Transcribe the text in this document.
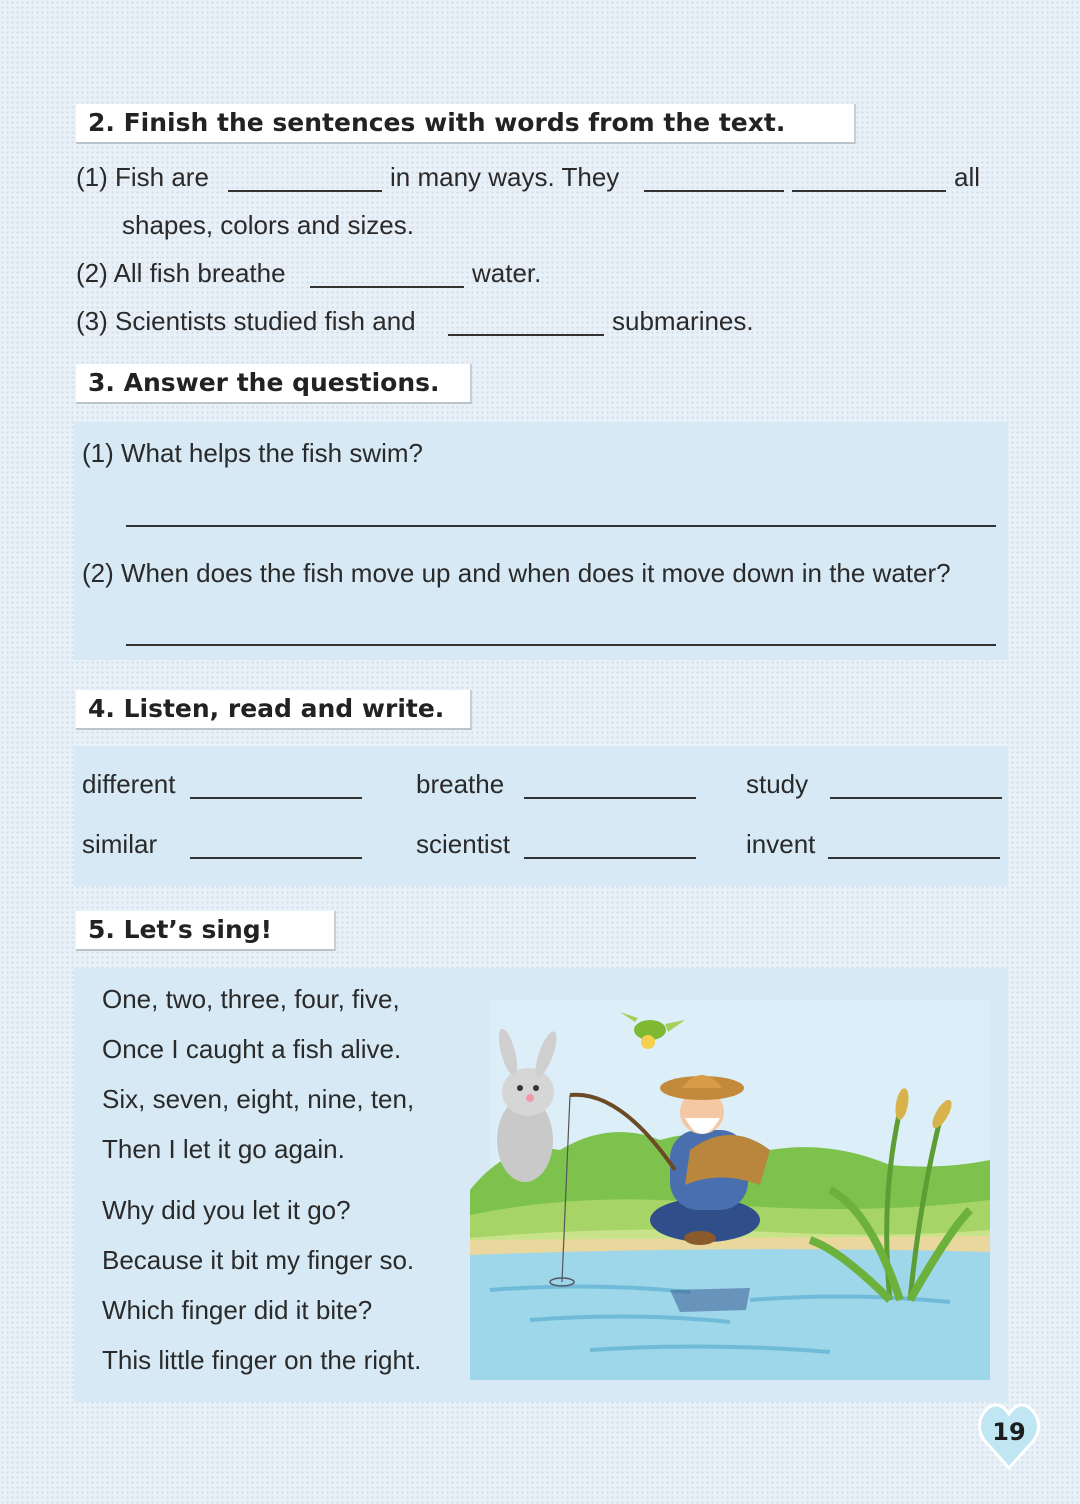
2. Finish the sentences with words from the text.
(1) Fish are	in many ways. They	all
shapes, colors and sizes.
(2) All fish breathe	water.
(3) Scientists studied fish and	submarines.
3. Answer the questions.
(1) What helps the fish swim?
(2) When does the fish move up and when does it move down in the water?
4. Listen, read and write.
different	breathe	study
similar	scientist	invent
5. Let’s sing!
One, two, three, four, five,
Once I caught a fish alive.
Six, seven, eight, nine, ten,
Then I let it go again.
Why did you let it go?
Because it bit my finger so.
Which finger did it bite?
This little finger on the right.
19
